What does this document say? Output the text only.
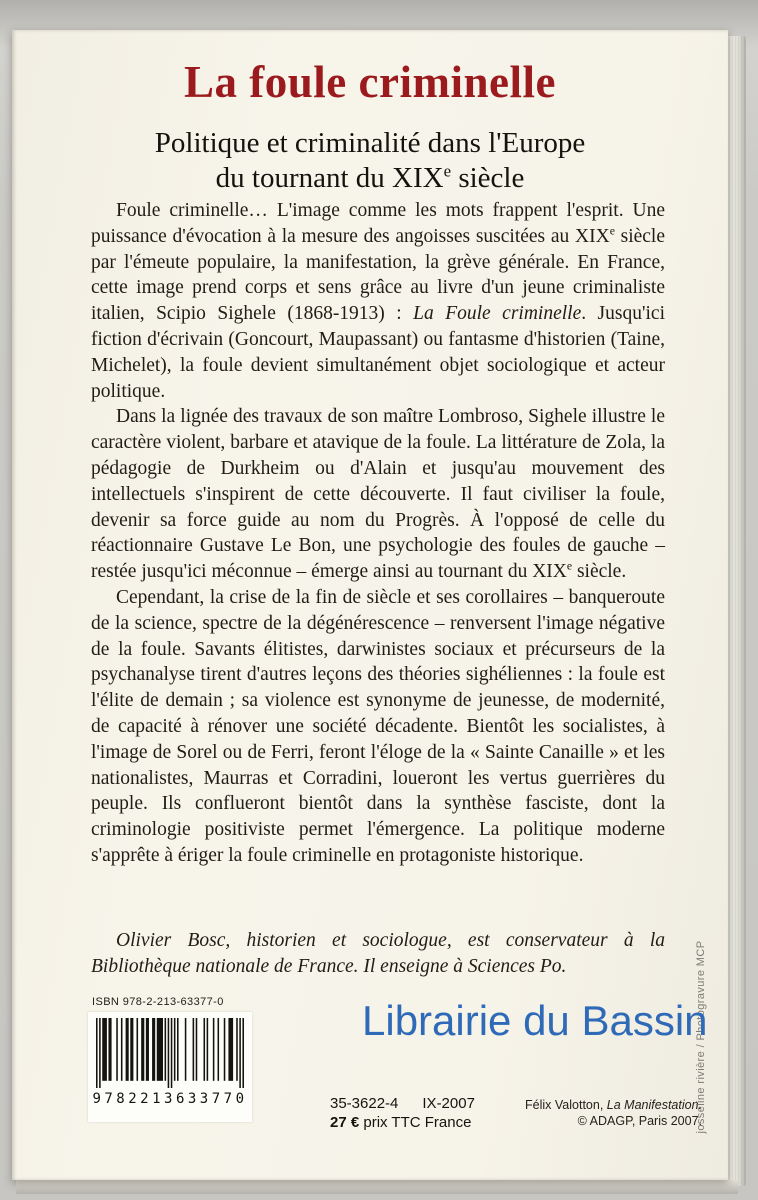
La foule criminelle
Politique et criminalité dans l'Europe
du tournant du XIXe siècle

Foule criminelle… L'image comme les mots frappent l'esprit. Une puissance d'évocation à la mesure des angoisses suscitées au XIXe siècle par l'émeute populaire, la manifestation, la grève générale. En France, cette image prend corps et sens grâce au livre d'un jeune criminaliste italien, Scipio Sighele (1868-1913) : La Foule criminelle. Jusqu'ici fiction d'écrivain (Goncourt, Maupassant) ou fantasme d'historien (Taine, Michelet), la foule devient simultanément objet sociologique et acteur politique.

Dans la lignée des travaux de son maître Lombroso, Sighele illustre le caractère violent, barbare et atavique de la foule. La littérature de Zola, la pédagogie de Durkheim ou d'Alain et jusqu'au mouvement des intellectuels s'inspirent de cette découverte. Il faut civiliser la foule, devenir sa force guide au nom du Progrès. À l'opposé de celle du réactionnaire Gustave Le Bon, une psychologie des foules de gauche – restée jusqu'ici méconnue – émerge ainsi au tournant du XIXe siècle.

Cependant, la crise de la fin de siècle et ses corollaires – banqueroute de la science, spectre de la dégénérescence – renversent l'image négative de la foule. Savants élitistes, darwinistes sociaux et précurseurs de la psychanalyse tirent d'autres leçons des théories sighéliennes : la foule est l'élite de demain ; sa violence est synonyme de jeunesse, de modernité, de capacité à rénover une société décadente. Bientôt les socialistes, à l'image de Sorel ou de Ferri, feront l'éloge de la « Sainte Canaille » et les nationalistes, Maurras et Corradini, loueront les vertus guerrières du peuple. Ils conflueront bientôt dans la synthèse fasciste, dont la criminologie positiviste permet l'émergence. La politique moderne s'apprête à ériger la foule criminelle en protagoniste historique.

Olivier Bosc, historien et sociologue, est conservateur à la Bibliothèque nationale de France. Il enseigne à Sciences Po.

ISBN 978-2-213-63377-0
9782213633770	35-3622-4 IX-2007
27 € prix TTC France
Félix Valotton, La Manifestation.
© ADAGP, Paris 2007.
josseline rivière / Photogravure MCP
Librairie du Bassin
